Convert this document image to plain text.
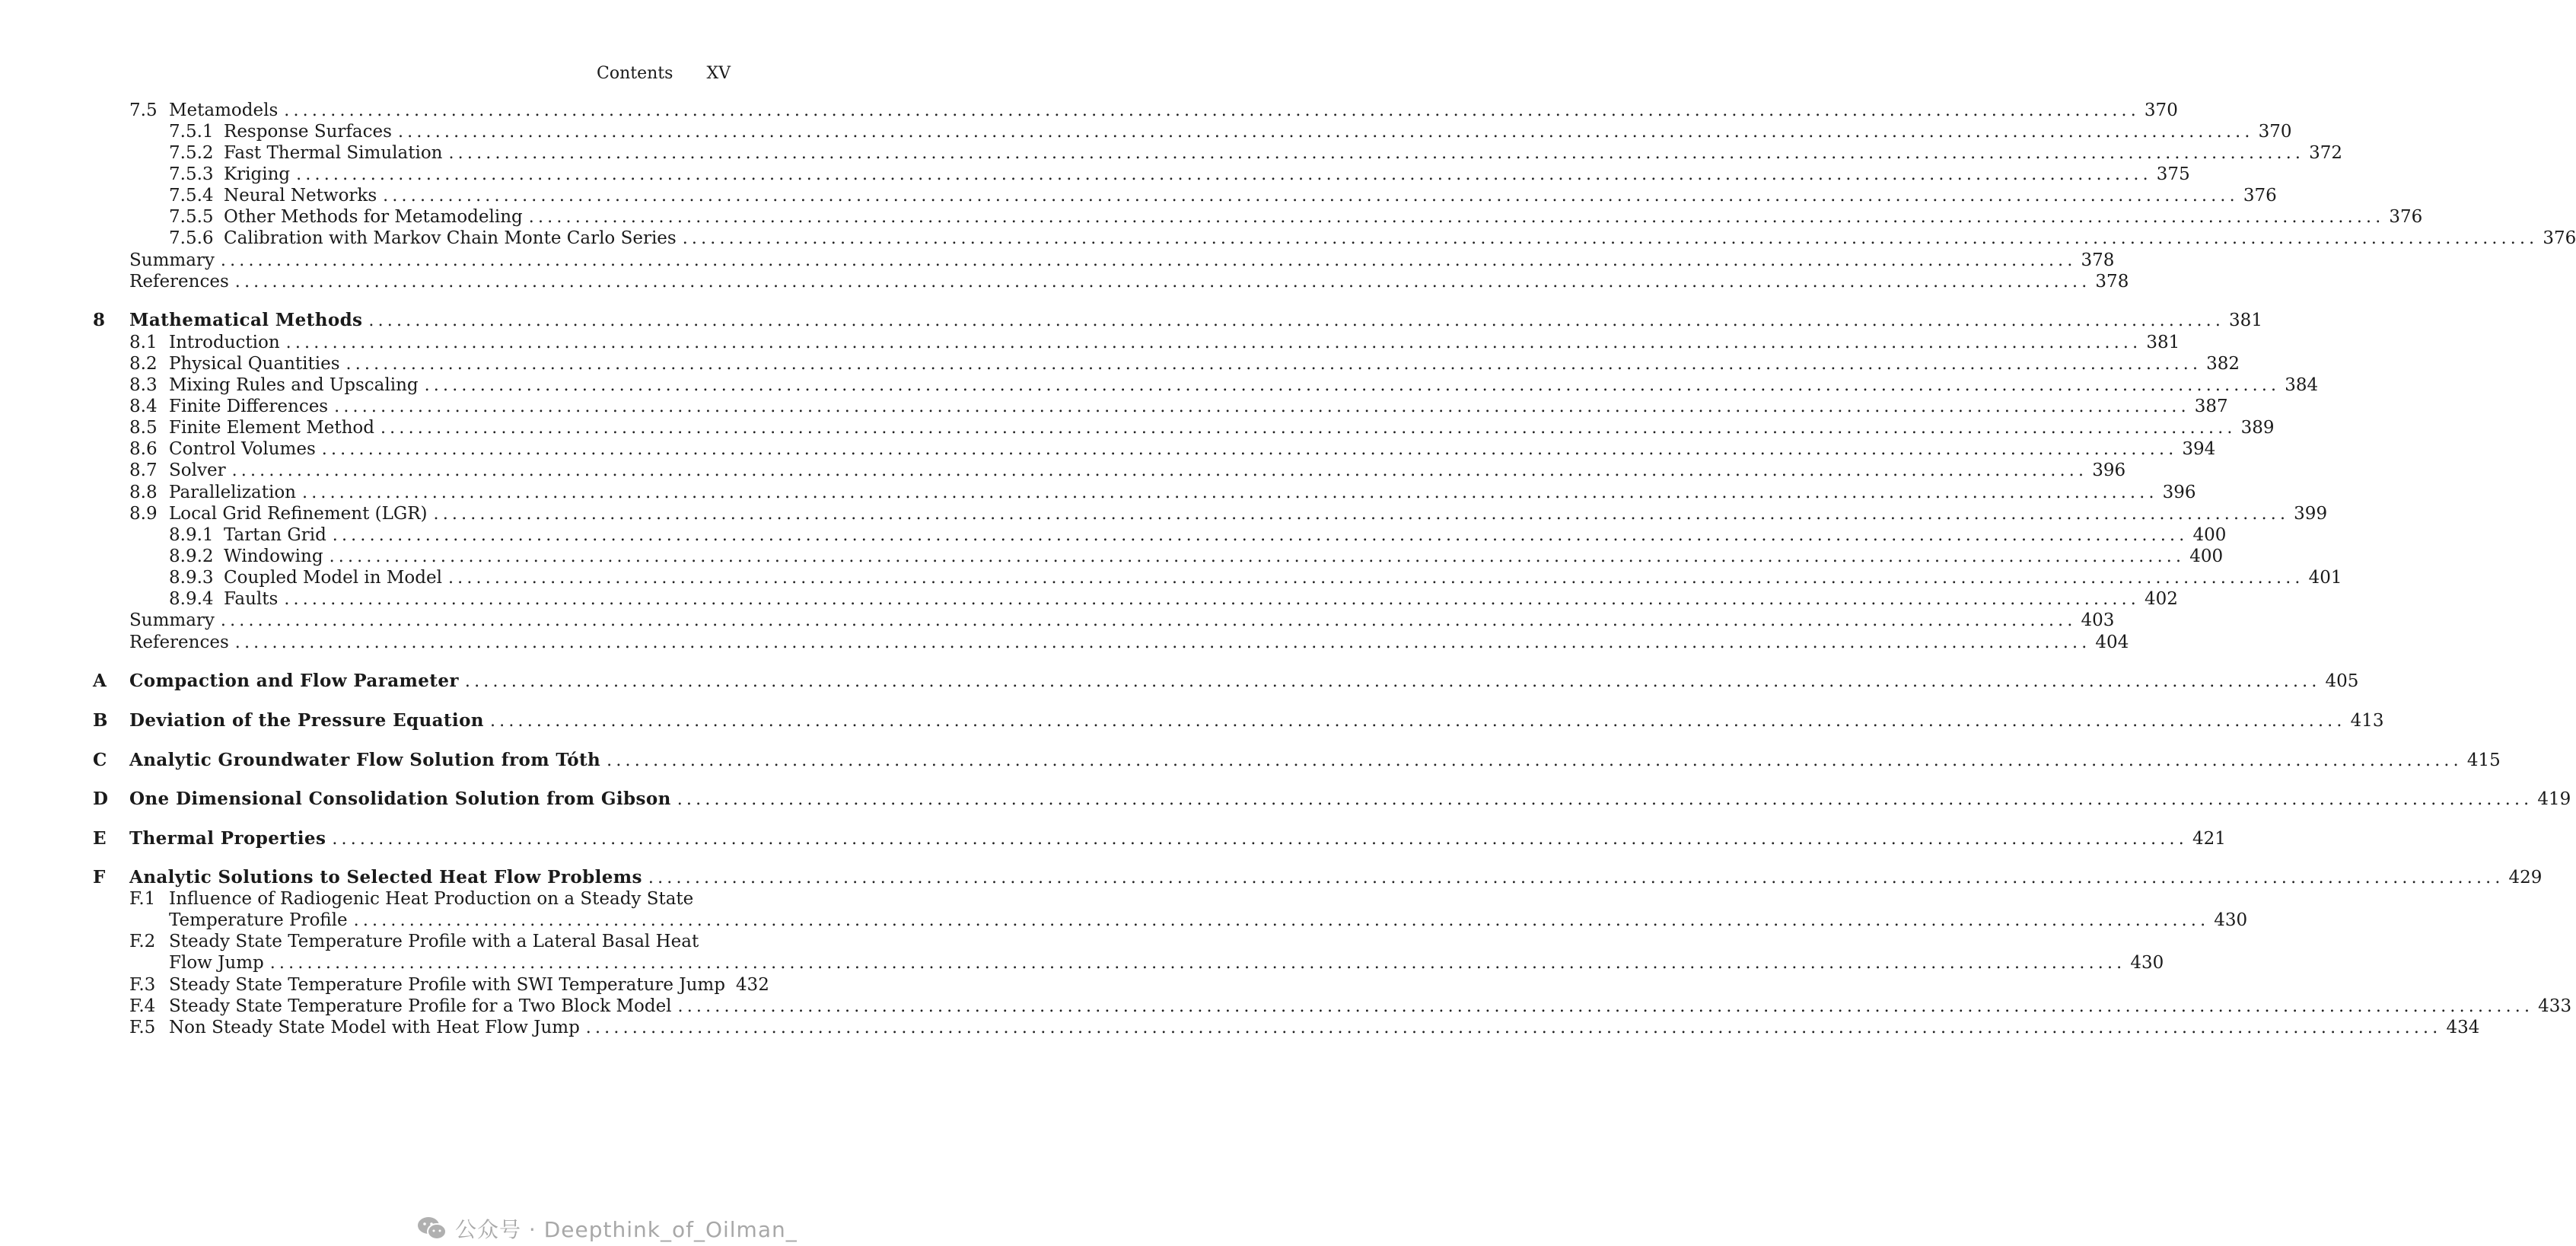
Contents XV
7.5 Metamodels ........................................................................................................................................................................................................ 370
7.5.1 Response Surfaces ........................................................................................................................................................................................................ 370
7.5.2 Fast Thermal Simulation ........................................................................................................................................................................................................ 372
7.5.3 Kriging ........................................................................................................................................................................................................ 375
7.5.4 Neural Networks ........................................................................................................................................................................................................ 376
7.5.5 Other Methods for Metamodeling ........................................................................................................................................................................................................ 376
7.5.6 Calibration with Markov Chain Monte Carlo Series ........................................................................................................................................................................................................ 376
Summary ........................................................................................................................................................................................................ 378
References ........................................................................................................................................................................................................ 378
8	Mathematical Methods ........................................................................................................................................................................................................ 381
8.1 Introduction ........................................................................................................................................................................................................ 381
8.2 Physical Quantities ........................................................................................................................................................................................................ 382
8.3 Mixing Rules and Upscaling ........................................................................................................................................................................................................ 384
8.4 Finite Differences ........................................................................................................................................................................................................ 387
8.5 Finite Element Method ........................................................................................................................................................................................................ 389
8.6 Control Volumes ........................................................................................................................................................................................................ 394
8.7 Solver ........................................................................................................................................................................................................ 396
8.8 Parallelization ........................................................................................................................................................................................................ 396
8.9 Local Grid Refinement (LGR) ........................................................................................................................................................................................................ 399
8.9.1 Tartan Grid ........................................................................................................................................................................................................ 400
8.9.2 Windowing ........................................................................................................................................................................................................ 400
8.9.3 Coupled Model in Model ........................................................................................................................................................................................................ 401
8.9.4 Faults ........................................................................................................................................................................................................ 402
Summary ........................................................................................................................................................................................................ 403
References ........................................................................................................................................................................................................ 404
A	Compaction and Flow Parameter ........................................................................................................................................................................................................ 405
B	Deviation of the Pressure Equation ........................................................................................................................................................................................................ 413
C	Analytic Groundwater Flow Solution from Tóth ........................................................................................................................................................................................................ 415
D	One Dimensional Consolidation Solution from Gibson ........................................................................................................................................................................................................ 419
E	Thermal Properties ........................................................................................................................................................................................................ 421
F	Analytic Solutions to Selected Heat Flow Problems ........................................................................................................................................................................................................ 429
F.1 Influence of Radiogenic Heat Production on a Steady State
Temperature Profile ........................................................................................................................................................................................................ 430
F.2 Steady State Temperature Profile with a Lateral Basal Heat
Flow Jump ........................................................................................................................................................................................................ 430
F.3 Steady State Temperature Profile with SWI Temperature Jump 432
F.4 Steady State Temperature Profile for a Two Block Model ........................................................................................................................................................................................................ 433
F.5 Non Steady State Model with Heat Flow Jump ........................................................................................................................................................................................................ 434
公众号 · Deepthink_of_Oilman_
